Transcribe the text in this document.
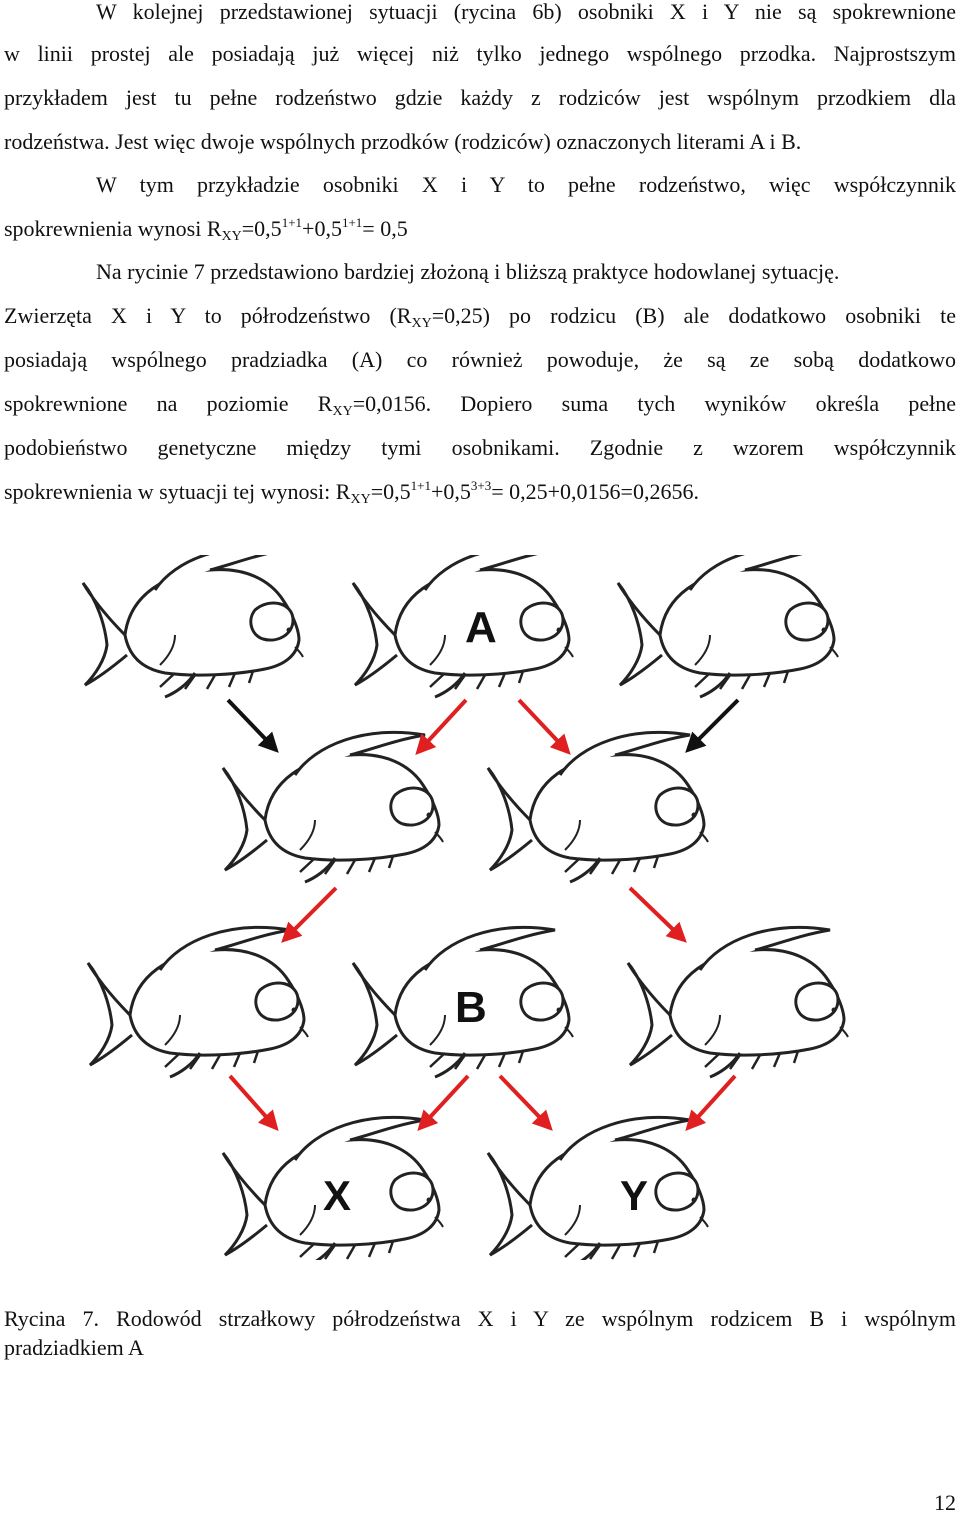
W kolejnej przedstawionej sytuacji (rycina 6b) osobniki X i Y nie są spokrewnione
w linii prostej ale posiadają już więcej niż tylko jednego wspólnego przodka. Najprostszym
przykładem jest tu pełne rodzeństwo gdzie każdy z rodziców jest wspólnym przodkiem dla
rodzeństwa. Jest więc dwoje wspólnych przodków (rodziców) oznaczonych literami A i B.
W tym przykładzie osobniki X i Y to pełne rodzeństwo, więc współczynnik
spokrewnienia wynosi $R_{XY}=0,5^{1+1}+0,5^{1+1}= 0,5$
Na rycinie 7 przedstawiono bardziej złożoną i bliższą praktyce hodowlanej sytuację.
Zwierzęta X i Y to półrodzeństwo $(R_{XY}=0,25)$ po rodzicu (B) ale dodatkowo osobniki te
posiadają wspólnego pradziadka (A) co również powoduje, że są ze sobą dodatkowo
spokrewnione na poziomie $R_{XY}=0,0156$. Dopiero suma tych wyników określa pełne
podobieństwo genetyczne między tymi osobnikami. Zgodnie z wzorem współczynnik
spokrewnienia w sytuacji tej wynosi: $R_{XY}=0,5^{1+1}+0,5^{3+3}= 0,25+0,0156=0,2656$.
A
B
X	Y
Rycina 7. Rodowód strzałkowy półrodzeństwa X i Y ze wspólnym rodzicem B i wspólnym
pradziadkiem A
12
